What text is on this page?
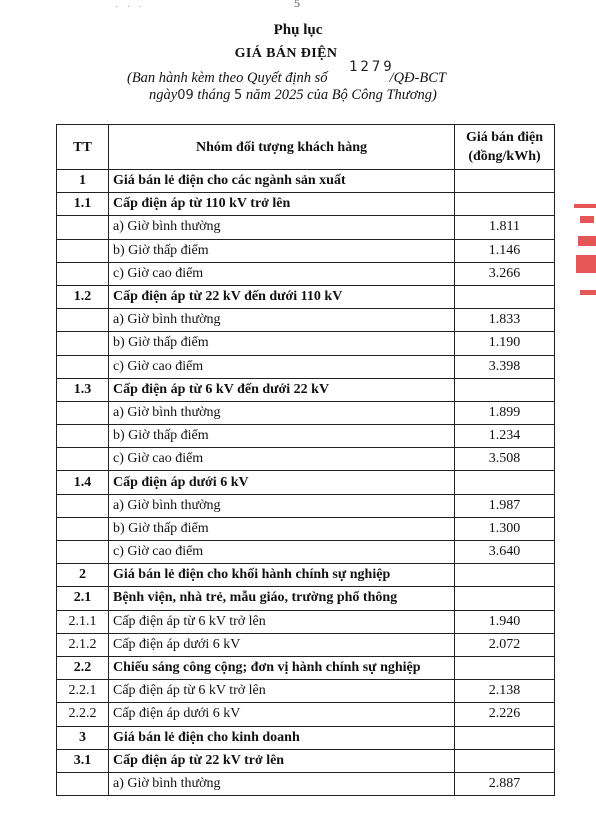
5
· · ·
Phụ lục
GIÁ BÁN ĐIỆN
1279
(Ban hành kèm theo Quyết định số	/QĐ-BCT
ngày09 tháng 5 năm 2025 của Bộ Công Thương)
TT	Nhóm đối tượng khách hàng	Giá bán điện
(đồng/kWh)

1	Giá bán lẻ điện cho các ngành sản xuất	
1.1	Cấp điện áp từ 110 kV trở lên	
	a) Giờ bình thường	1.811
	b) Giờ thấp điểm	1.146
	c) Giờ cao điểm	3.266
1.2	Cấp điện áp từ 22 kV đến dưới 110 kV	
	a) Giờ bình thường	1.833
	b) Giờ thấp điểm	1.190
	c) Giờ cao điểm	3.398
1.3	Cấp điện áp từ 6 kV đến dưới 22 kV	
	a) Giờ bình thường	1.899
	b) Giờ thấp điểm	1.234
	c) Giờ cao điểm	3.508
1.4	Cấp điện áp dưới 6 kV	
	a) Giờ bình thường	1.987
	b) Giờ thấp điểm	1.300
	c) Giờ cao điểm	3.640
2	Giá bán lẻ điện cho khối hành chính sự nghiệp	
2.1	Bệnh viện, nhà trẻ, mẫu giáo, trường phổ thông	
2.1.1	Cấp điện áp từ 6 kV trở lên	1.940
2.1.2	Cấp điện áp dưới 6 kV	2.072
2.2	Chiếu sáng công cộng; đơn vị hành chính sự nghiệp	
2.2.1	Cấp điện áp từ 6 kV trở lên	2.138
2.2.2	Cấp điện áp dưới 6 kV	2.226
3	Giá bán lẻ điện cho kinh doanh	
3.1	Cấp điện áp từ 22 kV trở lên	
	a) Giờ bình thường	2.887
